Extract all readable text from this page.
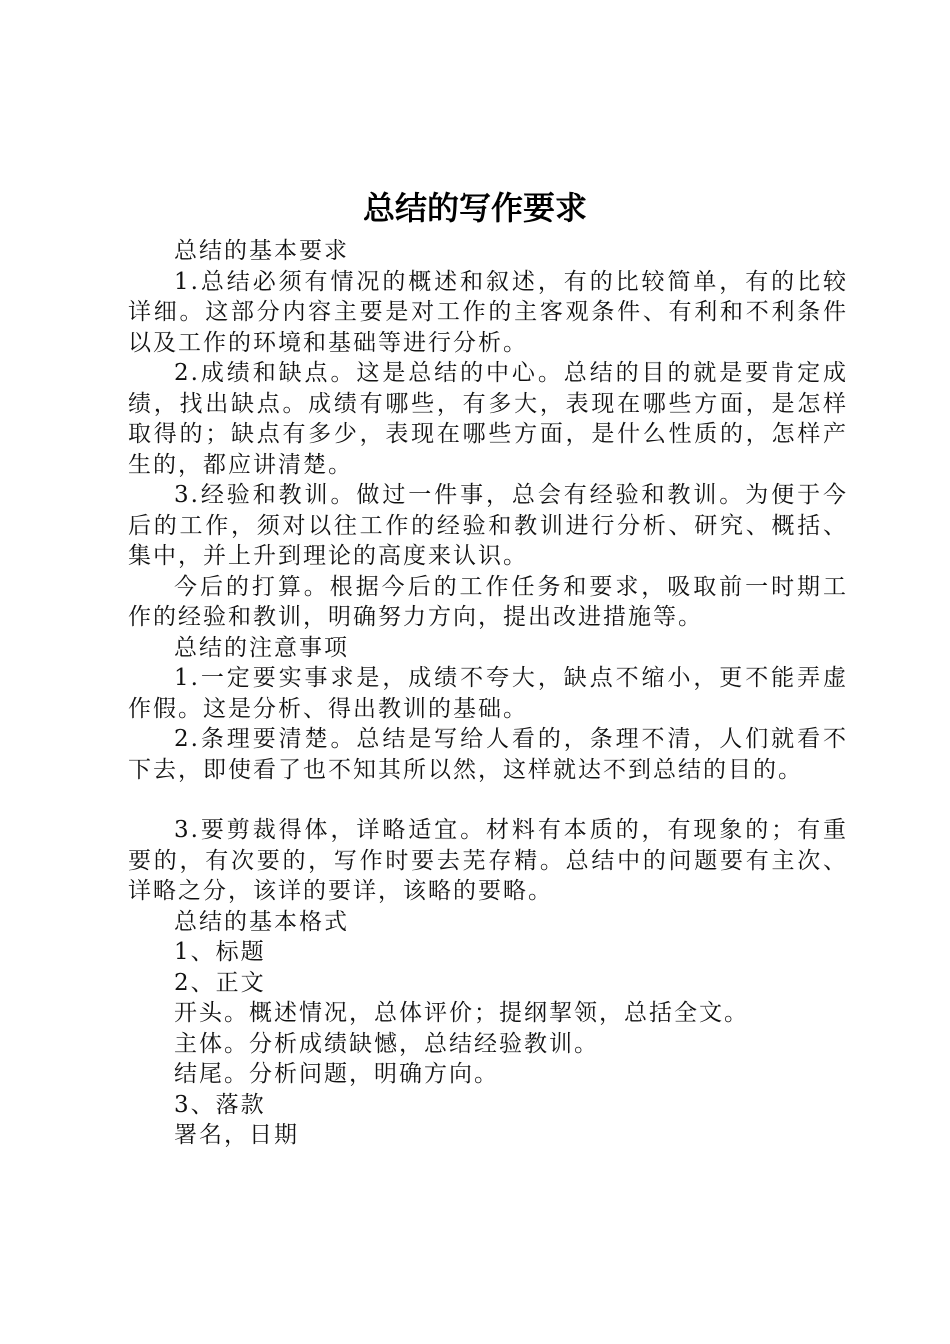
总结的写作要求

总结的基本要求

1.总结必须有情况的概述和叙述，有的比较简单，有的比较详细。这部分内容主要是对工作的主客观条件、有利和不利条件以及工作的环境和基础等进行分析。

2.成绩和缺点。这是总结的中心。总结的目的就是要肯定成绩，找出缺点。成绩有哪些，有多大，表现在哪些方面，是怎样取得的；缺点有多少，表现在哪些方面，是什么性质的，怎样产生的，都应讲清楚。

3.经验和教训。做过一件事，总会有经验和教训。为便于今后的工作，须对以往工作的经验和教训进行分析、研究、概括、集中，并上升到理论的高度来认识。

今后的打算。根据今后的工作任务和要求，吸取前一时期工作的经验和教训，明确努力方向，提出改进措施等。

总结的注意事项

1.一定要实事求是，成绩不夸大，缺点不缩小，更不能弄虚作假。这是分析、得出教训的基础。

2.条理要清楚。总结是写给人看的，条理不清，人们就看不下去，即使看了也不知其所以然，这样就达不到总结的目的。

3.要剪裁得体，详略适宜。材料有本质的，有现象的；有重要的，有次要的，写作时要去芜存精。总结中的问题要有主次、详略之分，该详的要详，该略的要略。

总结的基本格式

1、标题

2、正文

开头。概述情况，总体评价；提纲挈领，总括全文。

主体。分析成绩缺憾，总结经验教训。

结尾。分析问题，明确方向。

3、落款

署名，日期
